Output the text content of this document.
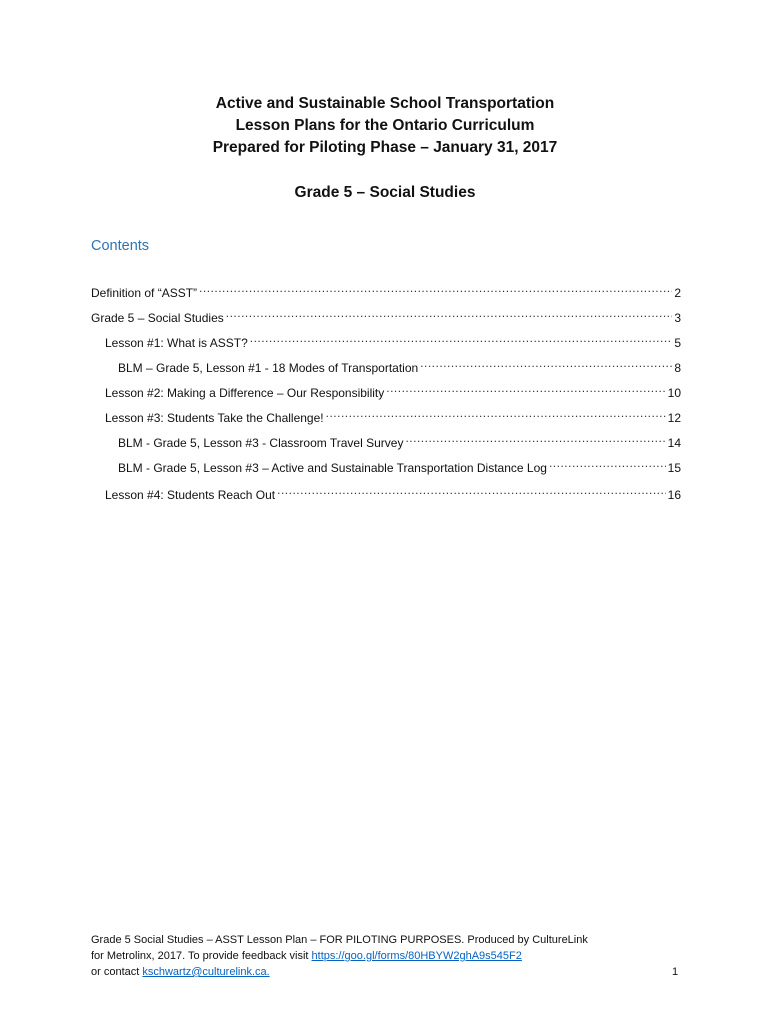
Active and Sustainable School Transportation
Lesson Plans for the Ontario Curriculum
Prepared for Piloting Phase – January 31, 2017
Grade 5 – Social Studies
Contents
Definition of “ASST” .....	2
Grade 5 – Social Studies .....	3
Lesson #1: What is ASST? .....	5
BLM – Grade 5, Lesson #1 - 18 Modes of Transportation .....	8
Lesson #2: Making a Difference – Our Responsibility .....	10
Lesson #3: Students Take the Challenge! .....	12
BLM - Grade 5, Lesson #3 - Classroom Travel Survey .....	14
BLM - Grade 5, Lesson #3 – Active and Sustainable Transportation Distance Log .....	15
Lesson #4: Students Reach Out .....	16
Grade 5 Social Studies – ASST Lesson Plan – FOR PILOTING PURPOSES. Produced by CultureLink
for Metrolinx, 2017. To provide feedback visit https://goo.gl/forms/80HBYW2ghA9s545F2
or contact kschwartz@culturelink.ca.	1
